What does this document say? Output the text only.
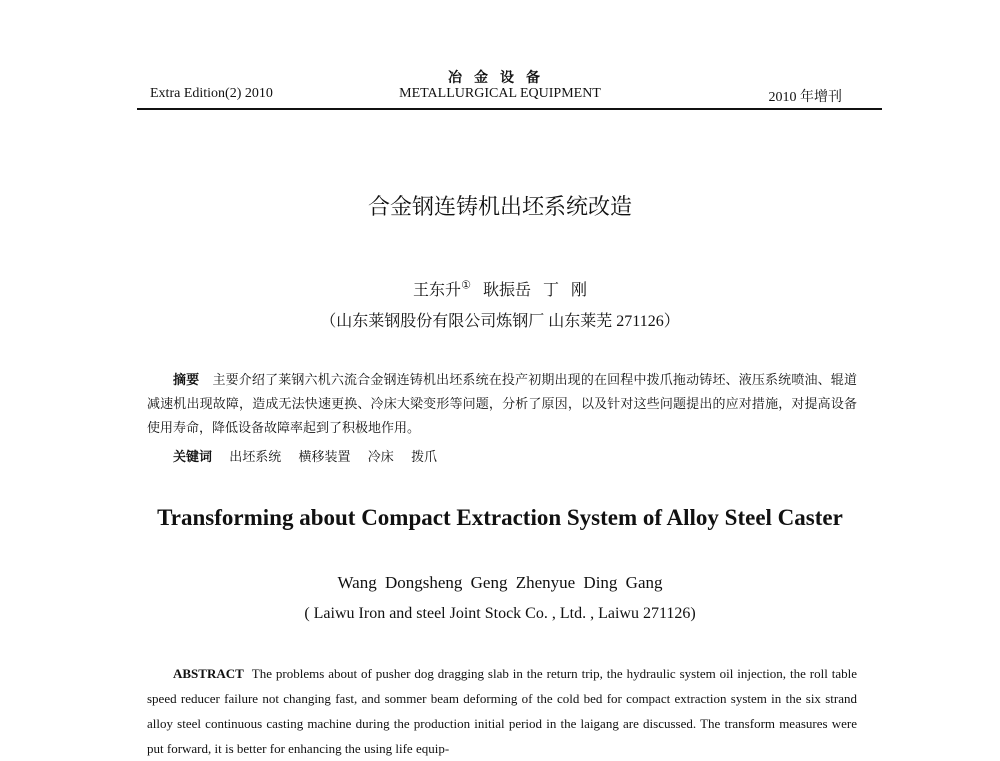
Extra Edition(2) 2010
冶金设备
METALLURGICAL EQUIPMENT	2010 年增刊
合金钢连铸机出坯系统改造
王东升① 耿振岳 丁 刚
（山东莱钢股份有限公司炼钢厂 山东莱芜 271126）
摘要　 主要介绍了莱钢六机六流合金钢连铸机出坯系统在投产初期出现的在回程中拨爪拖动铸坯、液压系统喷油、辊道减速机出现故障，造成无法快速更换、冷床大梁变形等问题，分析了原因，以及针对这些问题提出的应对措施，对提高设备使用寿命，降低设备故障率起到了积极地作用。
关键词 出坯系统 横移装置 冷床 拨爪
Transforming about Compact Extraction System of Alloy Steel Caster
Wang Dongsheng Geng Zhenyue Ding Gang
( Laiwu Iron and steel Joint Stock Co. , Ltd. , Laiwu 271126)
ABSTRACT The problems about of pusher dog dragging slab in the return trip, the hydraulic system oil injection, the roll table speed reducer failure not changing fast, and sommer beam deforming of the cold bed for compact extraction system in the six strand alloy steel continuous casting machine during the production initial period in the laigang are discussed. The transform measures were put forward, it is better for enhancing the using life equip-
